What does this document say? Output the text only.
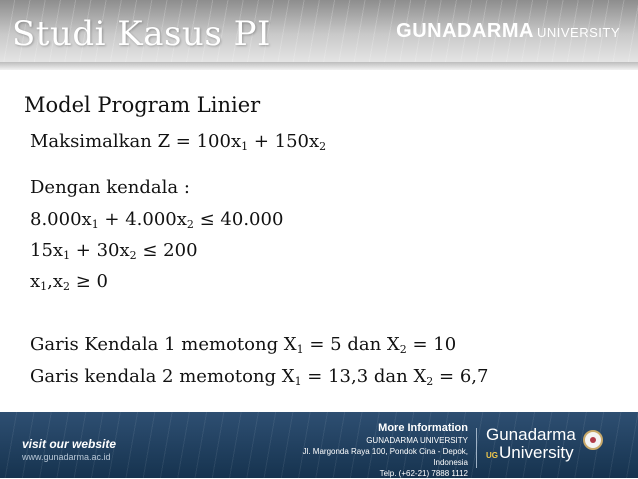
Studi Kasus PI	GUNADARMA UNIVERSITY
Model Program Linier
Maksimalkan $Z = 100x_1 + 150x_2$
Dengan kendala :
$8.000x_1 + 4.000x_2 \le 40.000$
$15x_1 + 30x_2 \le 200$
$x_1,x_2 \ge 0$
Garis Kendala 1 memotong $X_1 = 5$ dan $X_2 = 10$
Garis kendala 2 memotong $X_1 = 13,3$ dan $X_2 = 6,7$
visit our website
www.gunadarma.ac.id
More Information
GUNADARMA UNIVERSITY
Jl. Margonda Raya 100, Pondok Cina - Depok, Indonesia
Telp. (+62-21) 7888 1112
Gunadarma
UGUniversity
